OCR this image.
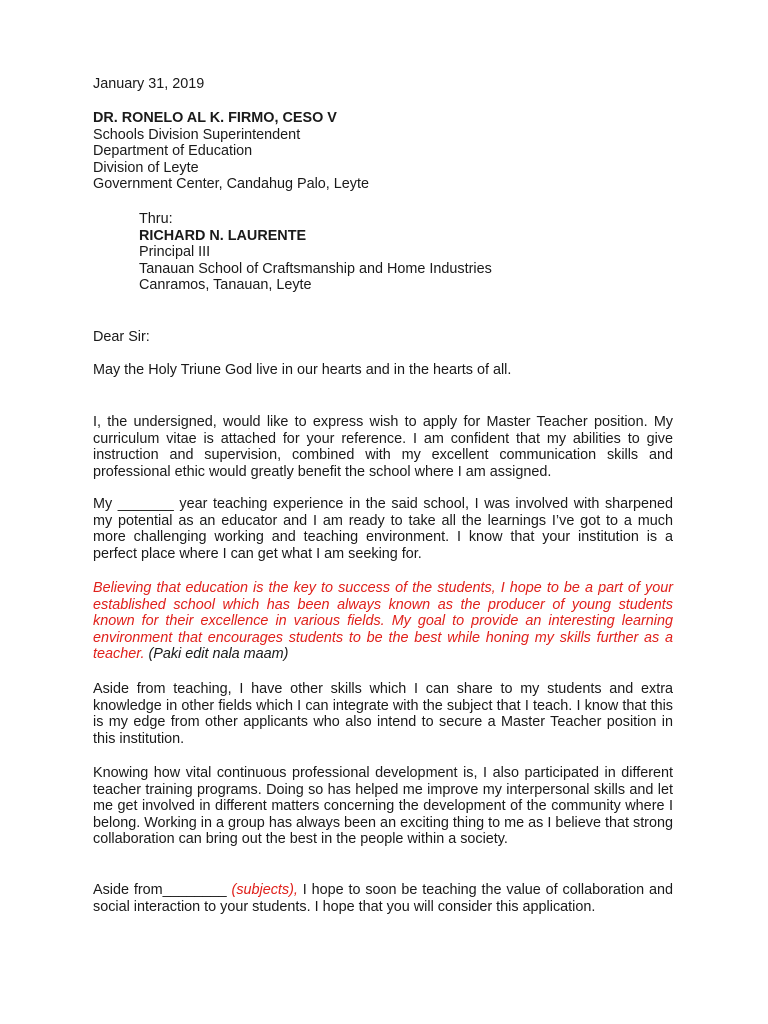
January 31, 2019
DR. RONELO AL K. FIRMO, CESO V
Schools Division Superintendent
Department of Education
Division of Leyte
Government Center, Candahug Palo, Leyte
Thru:
RICHARD N. LAURENTE
Principal III
Tanauan School of Craftsmanship and Home Industries
Canramos, Tanauan, Leyte
Dear Sir:
May the Holy Triune God live in our hearts and in the hearts of all.
I, the undersigned, would like to express wish to apply for Master Teacher position. My curriculum vitae is attached for your reference. I am confident that my abilities to give instruction and supervision, combined with my excellent communication skills and professional ethic would greatly benefit the school where I am assigned.
My _______ year teaching experience in the said school, I was involved with sharpened my potential as an educator and I am ready to take all the learnings I’ve got to a much more challenging working and teaching environment. I know that your institution is a perfect place where I can get what I am seeking for.
Believing that education is the key to success of the students, I hope to be a part of your established school which has been always known as the producer of young students known for their excellence in various fields. My goal to provide an interesting learning environment that encourages students to be the best while honing my skills further as a teacher. (Paki edit nala maam)
Aside from teaching, I have other skills which I can share to my students and extra knowledge in other fields which I can integrate with the subject that I teach. I know that this is my edge from other applicants who also intend to secure a Master Teacher position in this institution.
Knowing how vital continuous professional development is, I also participated in different teacher training programs. Doing so has helped me improve my interpersonal skills and let me get involved in different matters concerning the development of the community where I belong. Working in a group has always been an exciting thing to me as I believe that strong collaboration can bring out the best in the people within a society.
Aside from________ (subjects), I hope to soon be teaching the value of collaboration and social interaction to your students. I hope that you will consider this application.
